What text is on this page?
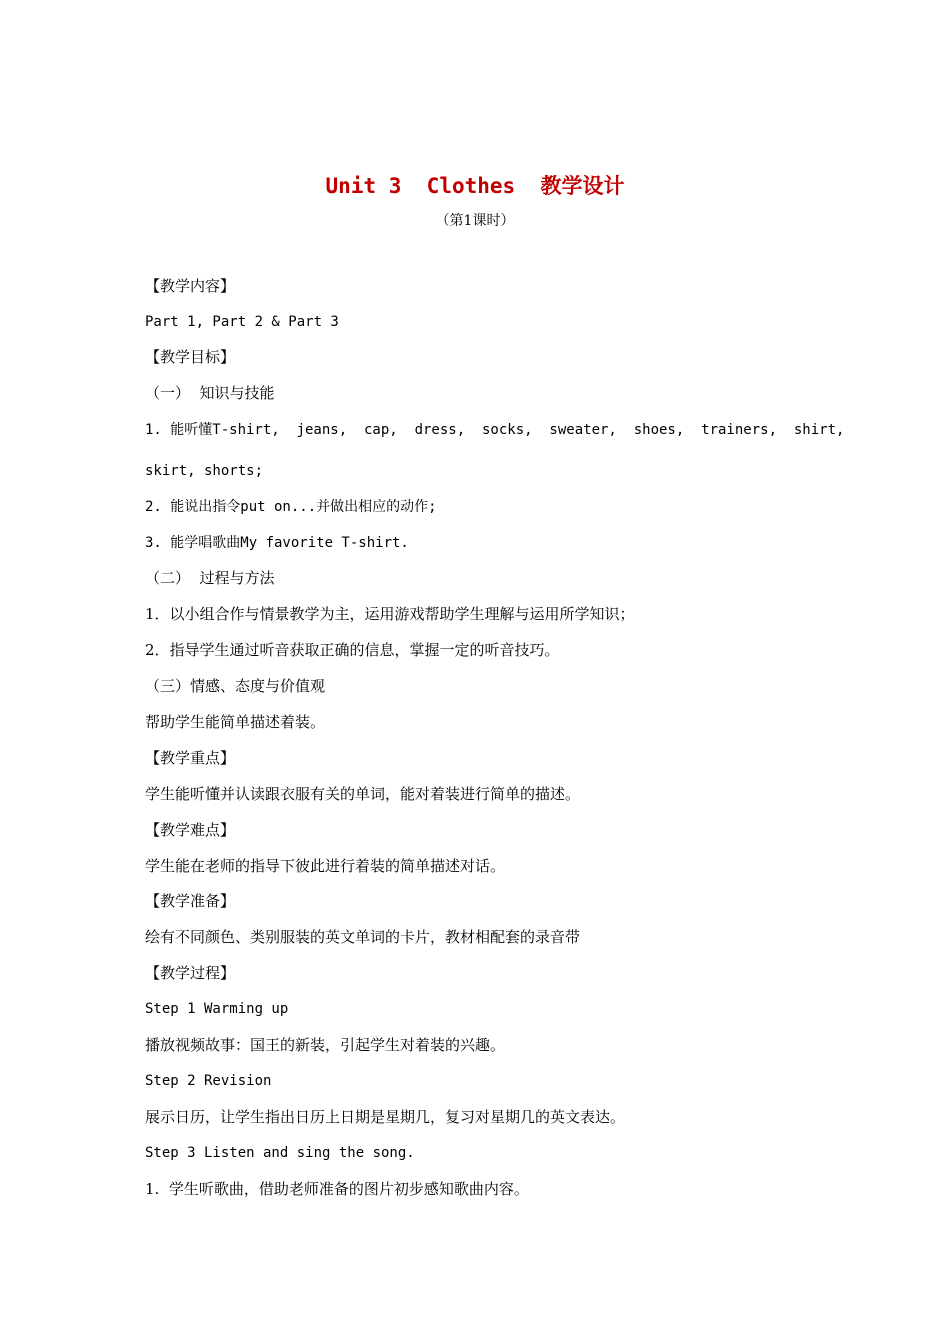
Unit 3  Clothes  教学设计
（第1课时）
【教学内容】
Part 1, Part 2 & Part 3
【教学目标】
（一）  知识与技能
1. 能听懂T-shirt,  jeans,  cap,  dress,  socks,  sweater,  shoes,  trainers,  shirt,
skirt, shorts;
2. 能说出指令put on...并做出相应的动作;
3. 能学唱歌曲My favorite T-shirt.
（二）  过程与方法
1．以小组合作与情景教学为主，运用游戏帮助学生理解与运用所学知识；
2．指导学生通过听音获取正确的信息，掌握一定的听音技巧。
（三）情感、态度与价值观
帮助学生能简单描述着装。
【教学重点】
学生能听懂并认读跟衣服有关的单词，能对着装进行简单的描述。
【教学难点】
学生能在老师的指导下彼此进行着装的简单描述对话。
【教学准备】
绘有不同颜色、类别服装的英文单词的卡片，教材相配套的录音带
【教学过程】
Step 1 Warming up
播放视频故事：国王的新装，引起学生对着装的兴趣。
Step 2 Revision
展示日历，让学生指出日历上日期是星期几，复习对星期几的英文表达。
Step 3 Listen and sing the song.
1.  学生听歌曲，借助老师准备的图片初步感知歌曲内容。
